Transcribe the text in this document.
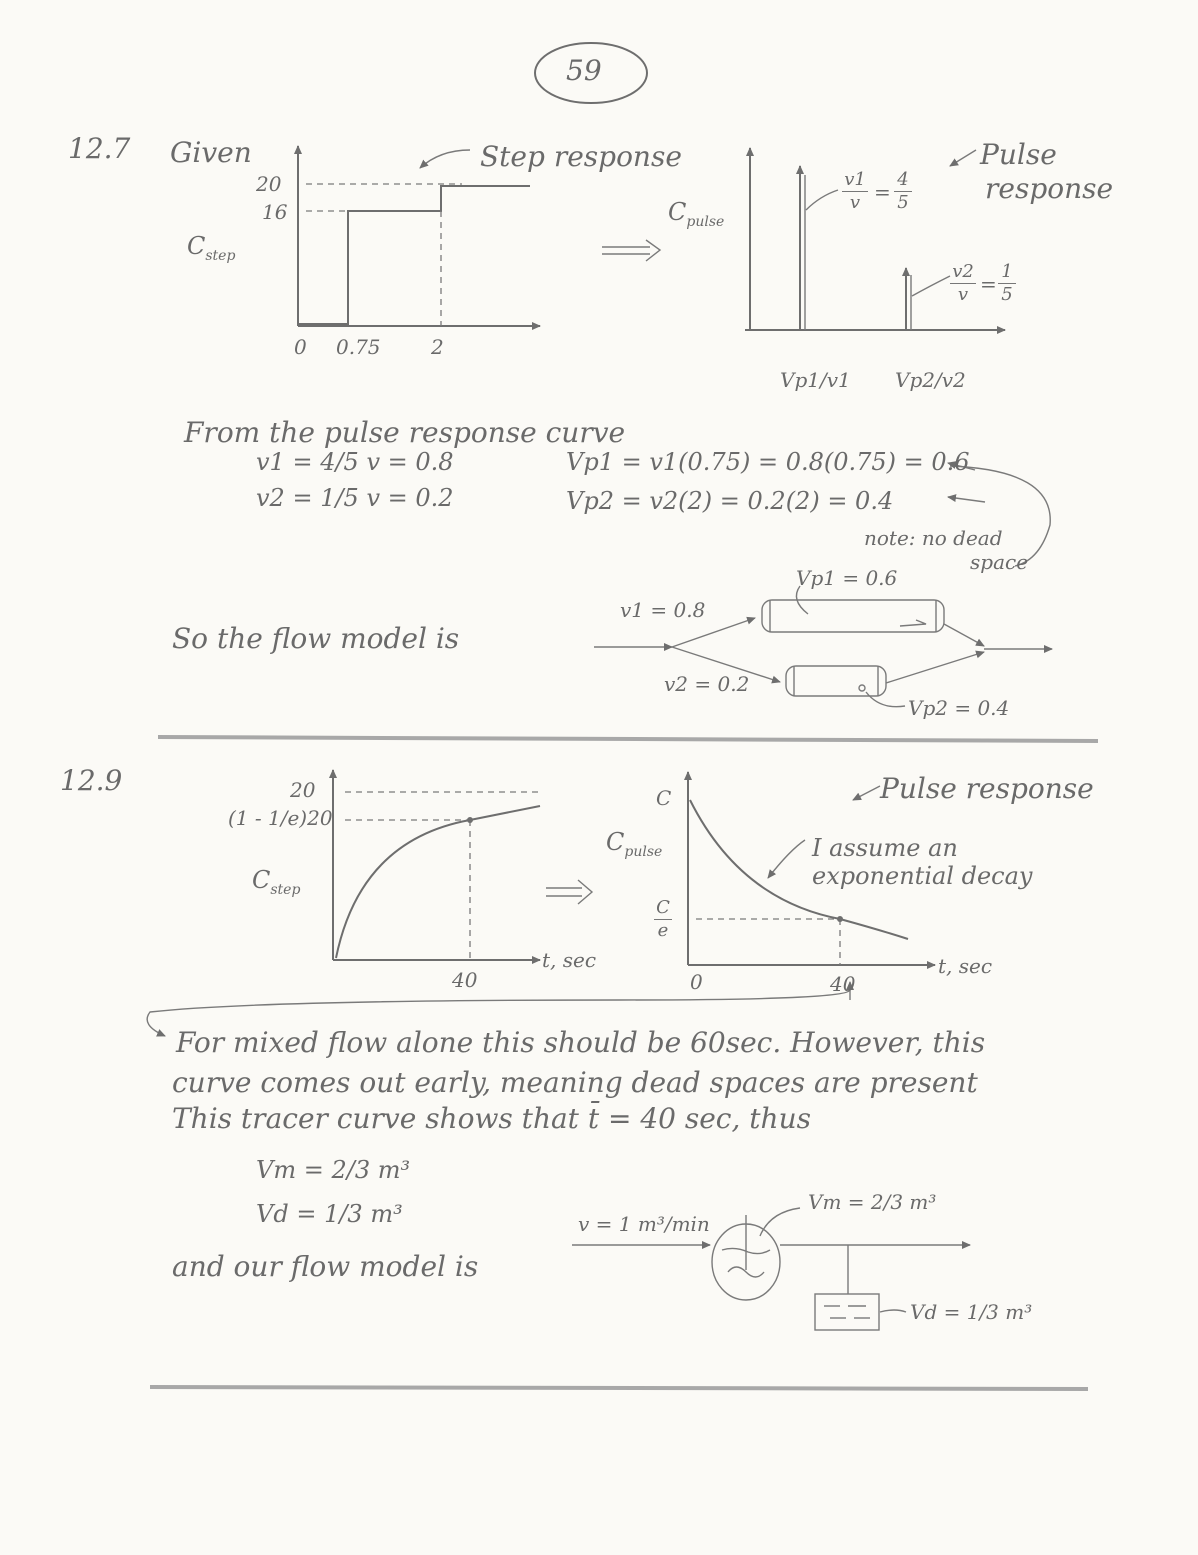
59
12.7 Given
$C_{step}$
20
16
0 0.75	2
Step response
$C_{pulse}$
v1
v =
4
5
v2
v =
1
5
Pulse
response
Vp1/v1 Vp2/v2
From the pulse response curve
v1 = 4/5 v = 0.8
v2 = 1/5 v = 0.2
Vp1 = v1(0.75) = 0.8(0.75) = 0.6
Vp2 = v2(2) = 0.2(2) = 0.4
note: no dead
space
So the flow model is
Vp1 = 0.6
v1 = 0.8
v2 = 0.2
Vp2 = 0.4
12.9	20
(1 - 1/e)20
$C_{step}$
40
t, sec
C
$C_{pulse}$
C
e
0	40
t, sec
Pulse response
I assume an
exponential decay
For mixed flow alone this should be 60sec. However, this
curve comes out early, meaning dead spaces are present
This tracer curve shows that t̄ = 40 sec, thus
Vm = 2/3 m³
Vd = 1/3 m³
and our flow model is
v = 1 m³/min
Vm = 2/3 m³
Vd = 1/3 m³
